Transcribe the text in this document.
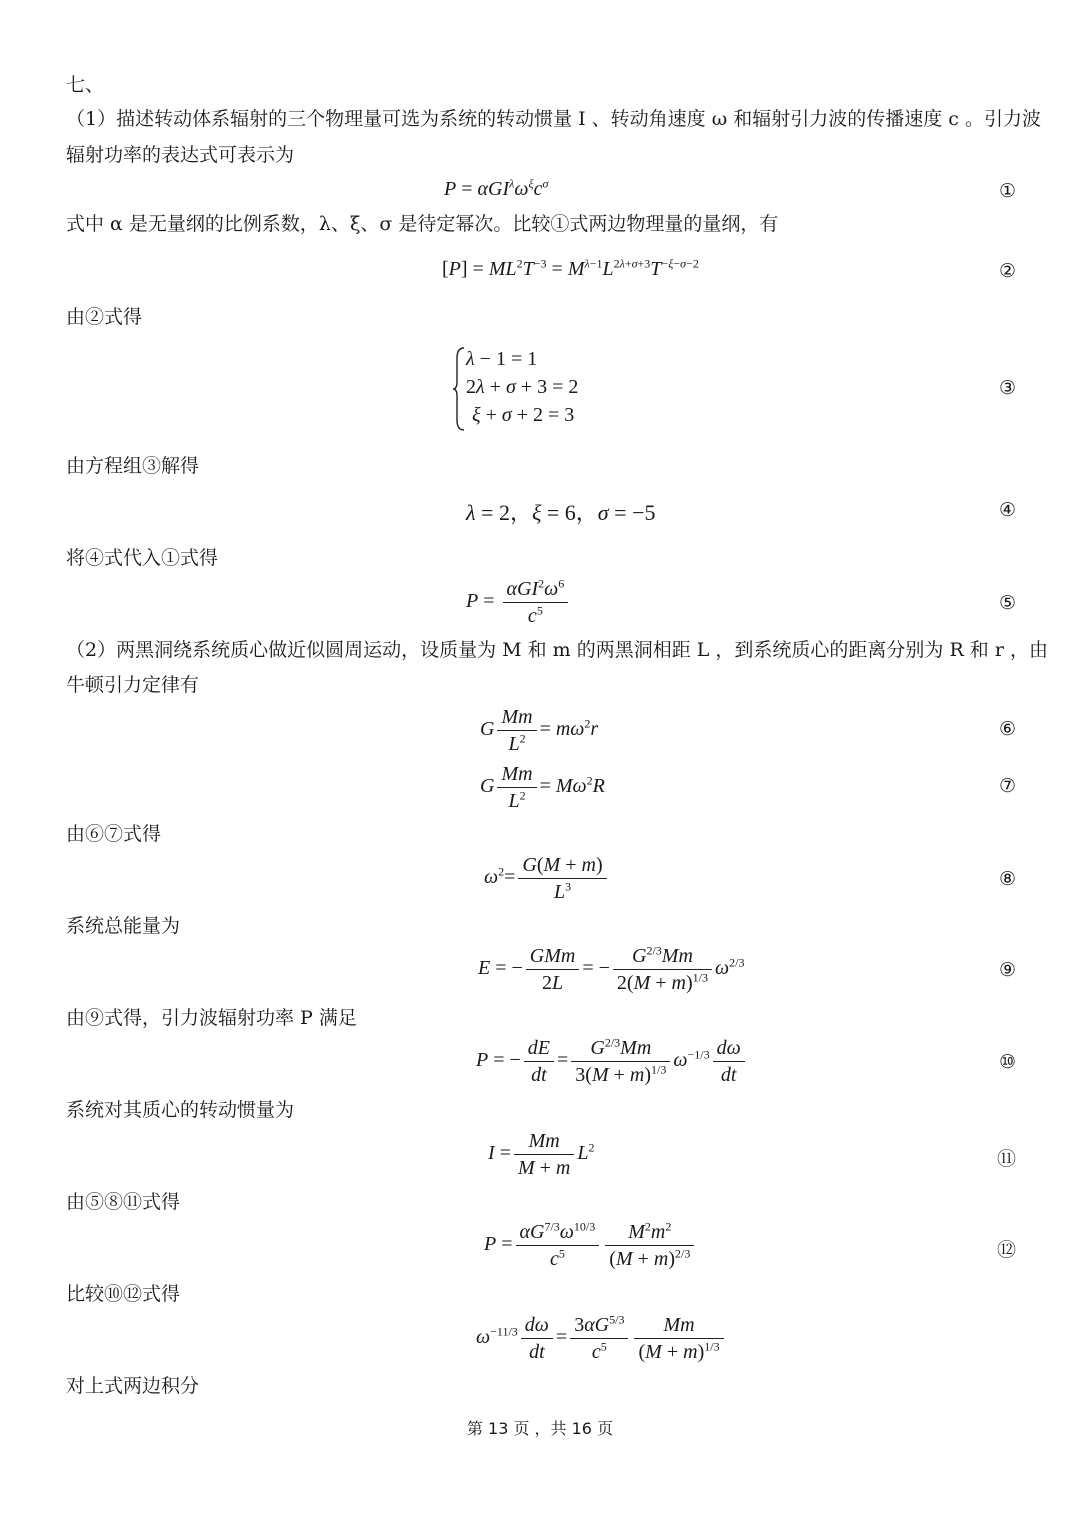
七、
（1）描述转动体系辐射的三个物理量可选为系统的转动惯量 I 、转动角速度 ω 和辐射引力波的传播速度 c 。引力波
辐射功率的表达式可表示为
$P = \alpha GI^\lambda\omega^\xi c^\sigma$	①
式中 α 是无量纲的比例系数，λ、ξ、σ 是待定幂次。比较①式两边物理量的量纲，有
$[P] = ML^2T^{-3} = M^{\lambda-1}L^{2\lambda+\sigma+3}T^{-\xi-\sigma-2}$	②
由②式得
λ − 1 = 1
2λ + σ + 3 = 2
ξ + σ + 2 = 3
③
由方程组③解得
λ = 2，ξ = 6，σ = −5	④
将④式代入①式得
$P = \frac{\alpha GI^2\omega^6}{c^5}$	⑤
（2）两黑洞绕系统质心做近似圆周运动，设质量为 M 和 m 的两黑洞相距 L ，到系统质心的距离分别为 R 和 r ，由
牛顿引力定律有
G $\frac{Mm}{L^2} = m\omega^2r$	⑥
G $\frac{Mm}{L^2} = M\omega^2R$	⑦
由⑥⑦式得
$\omega^2= \frac{G(M + m)}{L^3}$	⑧
系统总能量为
E = − $\frac{\text{GMm}}{2L}$ = − $\frac{G^{2/3}Mm}{2(M + m)^{1/3}} \omega^{2/3}$	⑨
由⑨式得，引力波辐射功率 P 满足
P = − $\frac{dE}{dt} = \frac{G^{2/3}Mm}{3(M + m)^{1/3}} \omega^{-1/3} \frac{d\omega}{dt}$	⑩
系统对其质心的转动惯量为
$I = \frac{Mm}{M + m} L^2$
⑪
由⑤⑧⑪式得
$P = \frac{\alpha G^{7/3}\omega^{10/3}}{c^5} \frac{M^2m^2}{(M + m)^{2/3}}$	⑫
比较⑩⑫式得
$\omega^{-11/3} \frac{d\omega}{dt} = \frac{3\alpha G^{5/3}}{c^5} \frac{Mm}{(M + m)^{1/3}}$
对上式两边积分
第 13 页 ，共 16 页
